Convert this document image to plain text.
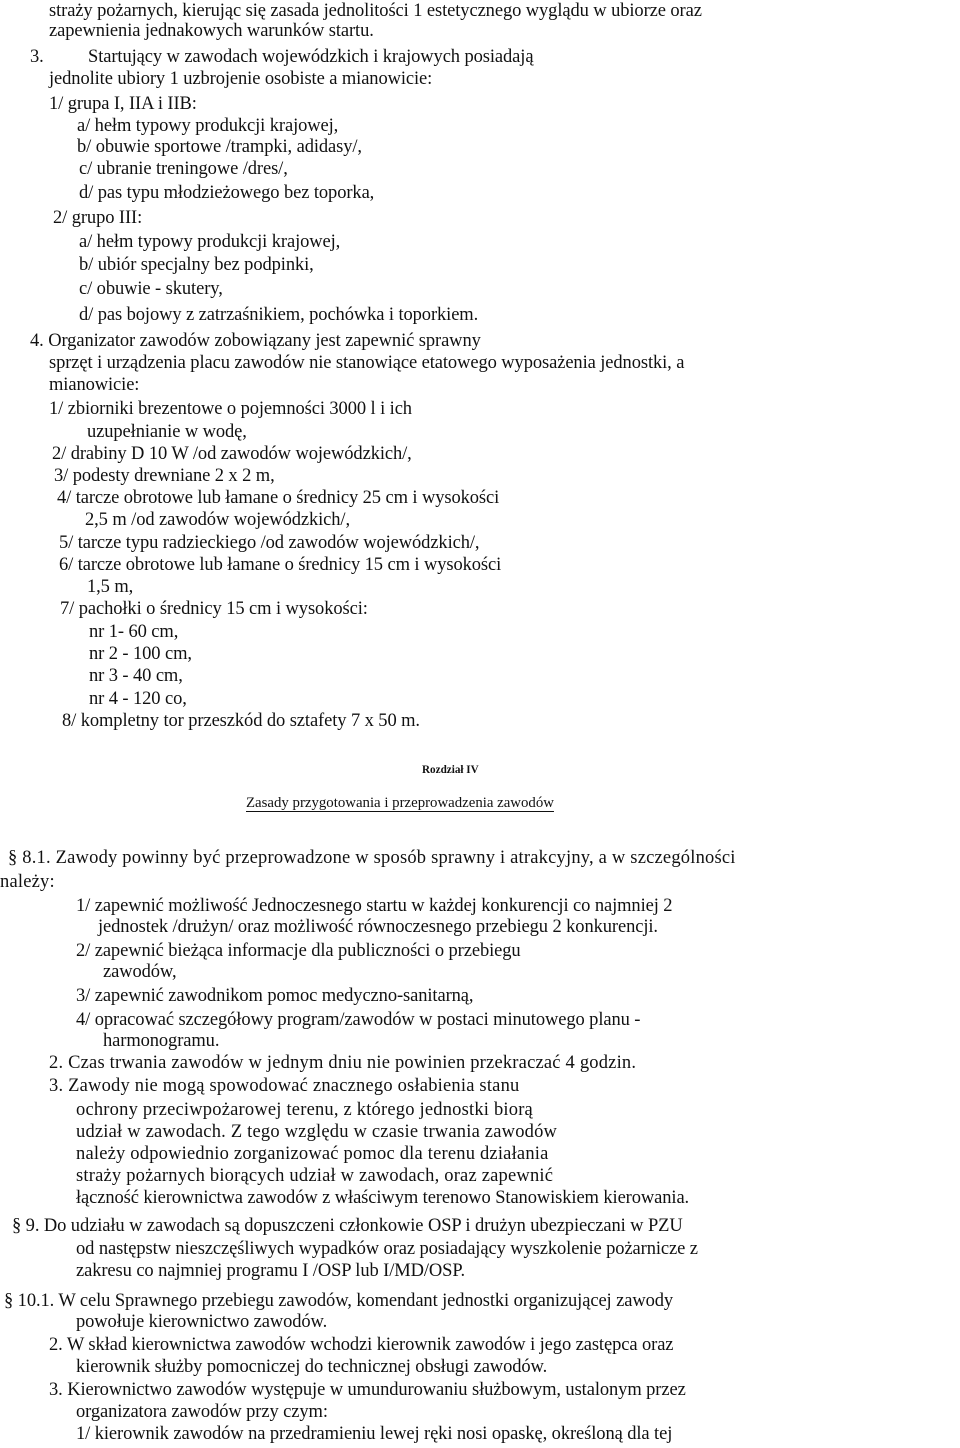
straży pożarnych, kierując się zasada jednolitości 1 estetycznego wyglądu w ubiorze oraz
zapewnienia jednakowych warunków startu.
3. Startujący w zawodach wojewódzkich i krajowych posiadają
jednolite ubiory 1 uzbrojenie osobiste a mianowicie:
1/ grupa I, IIA i IIB:
a/ hełm typowy produkcji krajowej,
b/ obuwie sportowe /trampki, adidasy/,
c/ ubranie treningowe /dres/,
d/ pas typu młodzieżowego bez toporka,
2/ grupo III:
a/ hełm typowy produkcji krajowej,
b/ ubiór specjalny bez podpinki,
c/ obuwie - skutery,
d/ pas bojowy z zatrzaśnikiem, pochówka i toporkiem.
4. Organizator zawodów zobowiązany jest zapewnić sprawny
sprzęt i urządzenia placu zawodów nie stanowiące etatowego wyposażenia jednostki, a
mianowicie:
1/ zbiorniki brezentowe o pojemności 3000 l i ich
uzupełnianie w wodę,
2/ drabiny D 10 W /od zawodów wojewódzkich/,
3/ podesty drewniane 2 x 2 m,
4/ tarcze obrotowe lub łamane o średnicy 25 cm i wysokości
2,5 m /od zawodów wojewódzkich/,
5/ tarcze typu radzieckiego /od zawodów wojewódzkich/,
6/ tarcze obrotowe lub łamane o średnicy 15 cm i wysokości
1,5 m,
7/ pachołki o średnicy 15 cm i wysokości:
nr 1- 60 cm,
nr 2 - 100 cm,
nr 3 - 40 cm,
nr 4 - 120 co,
8/ kompletny tor przeszkód do sztafety 7 x 50 m.
Rozdział IV
Zasady przygotowania i przeprowadzenia zawodów
§ 8.1. Zawody powinny być przeprowadzone w sposób sprawny i atrakcyjny, a w szczególności
należy:
1/ zapewnić możliwość Jednoczesnego startu w każdej konkurencji co najmniej 2
jednostek /drużyn/ oraz możliwość równoczesnego przebiegu 2 konkurencji.
2/ zapewnić bieżąca informacje dla publiczności o przebiegu
zawodów,
3/ zapewnić zawodnikom pomoc medyczno-sanitarną,
4/ opracować szczegółowy program/zawodów w postaci minutowego planu -
harmonogramu.
2. Czas trwania zawodów w jednym dniu nie powinien przekraczać 4 godzin.
3. Zawody nie mogą spowodować znacznego osłabienia stanu
ochrony przeciwpożarowej terenu, z którego jednostki biorą
udział w zawodach. Z tego względu w czasie trwania zawodów
należy odpowiednio zorganizować pomoc dla terenu działania
straży pożarnych biorących udział w zawodach, oraz zapewnić
łączność kierownictwa zawodów z właściwym terenowo Stanowiskiem kierowania.
§ 9. Do udziału w zawodach są dopuszczeni członkowie OSP i drużyn ubezpieczani w PZU
od następstw nieszczęśliwych wypadków oraz posiadający wyszkolenie pożarnicze z
zakresu co najmniej programu I /OSP lub I/MD/OSP.
§ 10.1. W celu Sprawnego przebiegu zawodów, komendant jednostki organizującej zawody
powołuje kierownictwo zawodów.
2. W skład kierownictwa zawodów wchodzi kierownik zawodów i jego zastępca oraz
kierownik służby pomocniczej do technicznej obsługi zawodów.
3. Kierownictwo zawodów występuje w umundurowaniu służbowym, ustalonym przez
organizatora zawodów przy czym:
1/ kierownik zawodów na przedramieniu lewej ręki nosi opaskę, określoną dla tej
